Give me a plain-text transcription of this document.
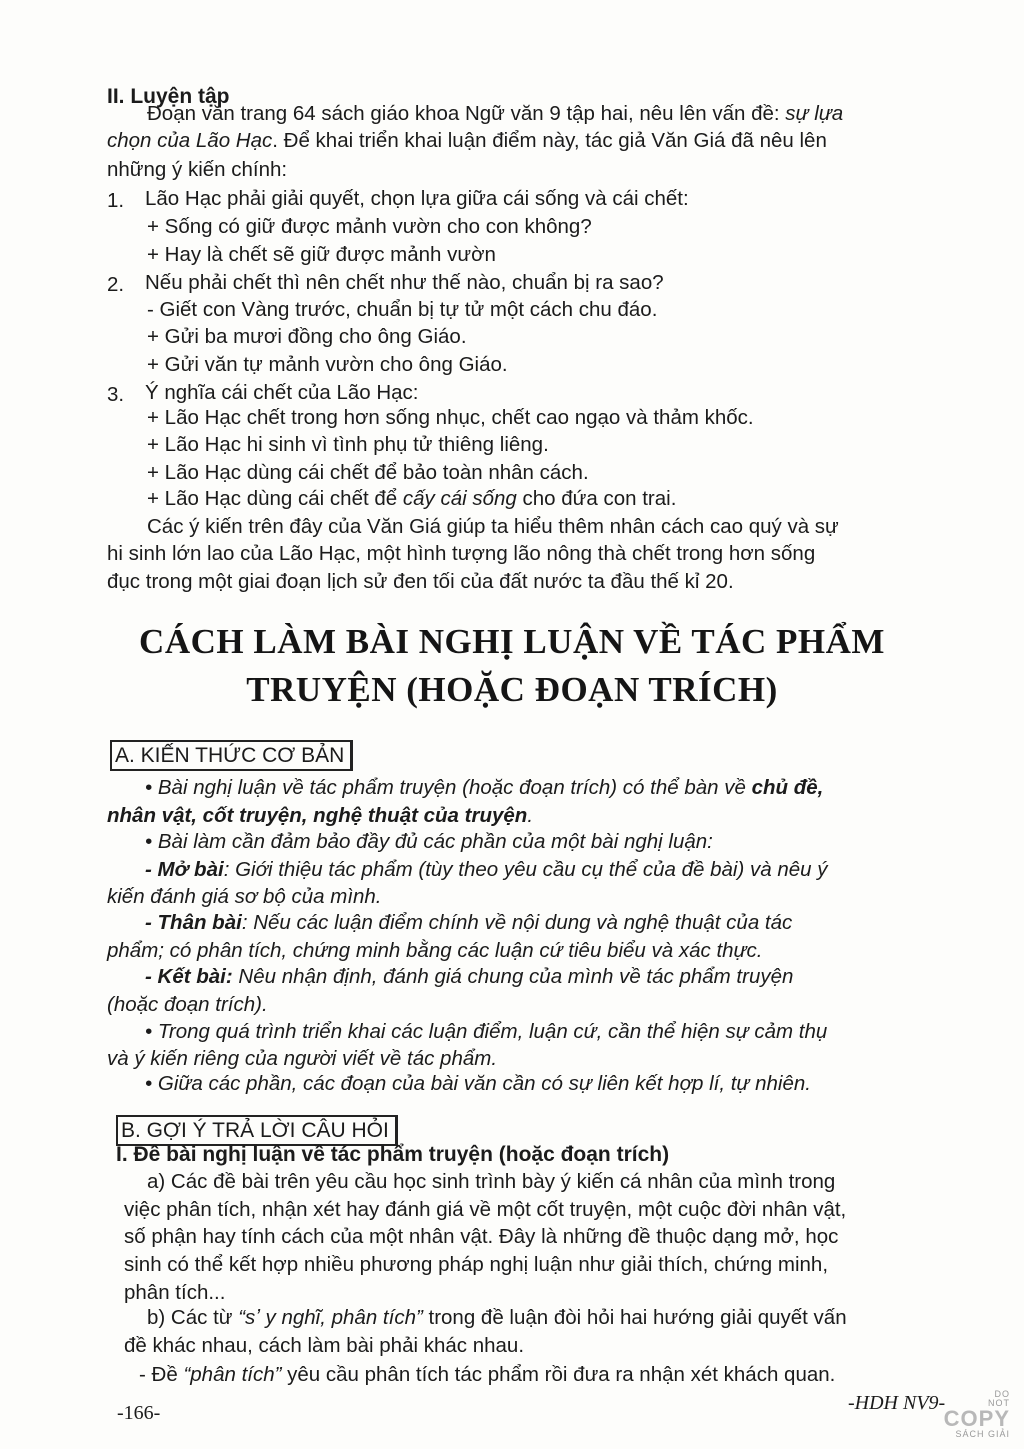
II. Luyện tập
Đoạn văn trang 64 sách giáo khoa Ngữ văn 9 tập hai, nêu lên vấn đề: sự lựa
chọn của Lão Hạc. Để khai triển khai luận điểm này, tác giả Văn Giá đã nêu lên
những ý kiến chính:
1. Lão Hạc phải giải quyết, chọn lựa giữa cái sống và cái chết:
+ Sống có giữ được mảnh vườn cho con không?
+ Hay là chết sẽ giữ được mảnh vườn
2. Nếu phải chết thì nên chết như thế nào, chuẩn bị ra sao?
- Giết con Vàng trước, chuẩn bị tự tử một cách chu đáo.
+ Gửi ba mươi đồng cho ông Giáo.
+ Gửi văn tự mảnh vườn cho ông Giáo.
3. Ý nghĩa cái chết của Lão Hạc:
+ Lão Hạc chết trong hơn sống nhục, chết cao ngạo và thảm khốc.
+ Lão Hạc hi sinh vì tình phụ tử thiêng liêng.
+ Lão Hạc dùng cái chết để bảo toàn nhân cách.
+ Lão Hạc dùng cái chết để cấy cái sống cho đứa con trai.
Các ý kiến trên đây của Văn Giá giúp ta hiểu thêm nhân cách cao quý và sự
hi sinh lớn lao của Lão Hạc, một hình tượng lão nông thà chết trong hơn sống
đục trong một giai đoạn lịch sử đen tối của đất nước ta đầu thế kỉ 20.
CÁCH LÀM BÀI NGHỊ LUẬN VỀ TÁC PHẨM
TRUYỆN (HOẶC ĐOẠN TRÍCH)
A. KIẾN THỨC CƠ BẢN
• Bài nghị luận về tác phẩm truyện (hoặc đoạn trích) có thể bàn về chủ đề,
nhân vật, cốt truyện, nghệ thuật của truyện.
• Bài làm cần đảm bảo đầy đủ các phần của một bài nghị luận:
- Mở bài: Giới thiệu tác phẩm (tùy theo yêu cầu cụ thể của đề bài) và nêu ý
kiến đánh giá sơ bộ của mình.
- Thân bài: Nếu các luận điểm chính về nội dung và nghệ thuật của tác
phẩm; có phân tích, chứng minh bằng các luận cứ tiêu biểu và xác thực.
- Kết bài: Nêu nhận định, đánh giá chung của mình về tác phẩm truyện
(hoặc đoạn trích).
• Trong quá trình triển khai các luận điểm, luận cứ, cần thể hiện sự cảm thụ
và ý kiến riêng của người viết về tác phẩm.
• Giữa các phần, các đoạn của bài văn cần có sự liên kết hợp lí, tự nhiên.
B. GỢI Ý TRẢ LỜI CÂU HỎI
I. Đề bài nghị luận về tác phẩm truyện (hoặc đoạn trích)
a) Các đề bài trên yêu cầu học sinh trình bày ý kiến cá nhân của mình trong
việc phân tích, nhận xét hay đánh giá về một cốt truyện, một cuộc đời nhân vật,
số phận hay tính cách của một nhân vật. Đây là những đề thuộc dạng mở, học
sinh có thể kết hợp nhiều phương pháp nghị luận như giải thích, chứng minh,
phân tích...
b) Các từ “sʼ y nghĩ, phân tích” trong đề luận đòi hỏi hai hướng giải quyết vấn
đề khác nhau, cách làm bài phải khác nhau.
- Đề “phân tích” yêu cầu phân tích tác phẩm rồi đưa ra nhận xét khách quan.
-166-	-HDH NV9-	DO
NOT
COPY
SÁCH GIẢI
